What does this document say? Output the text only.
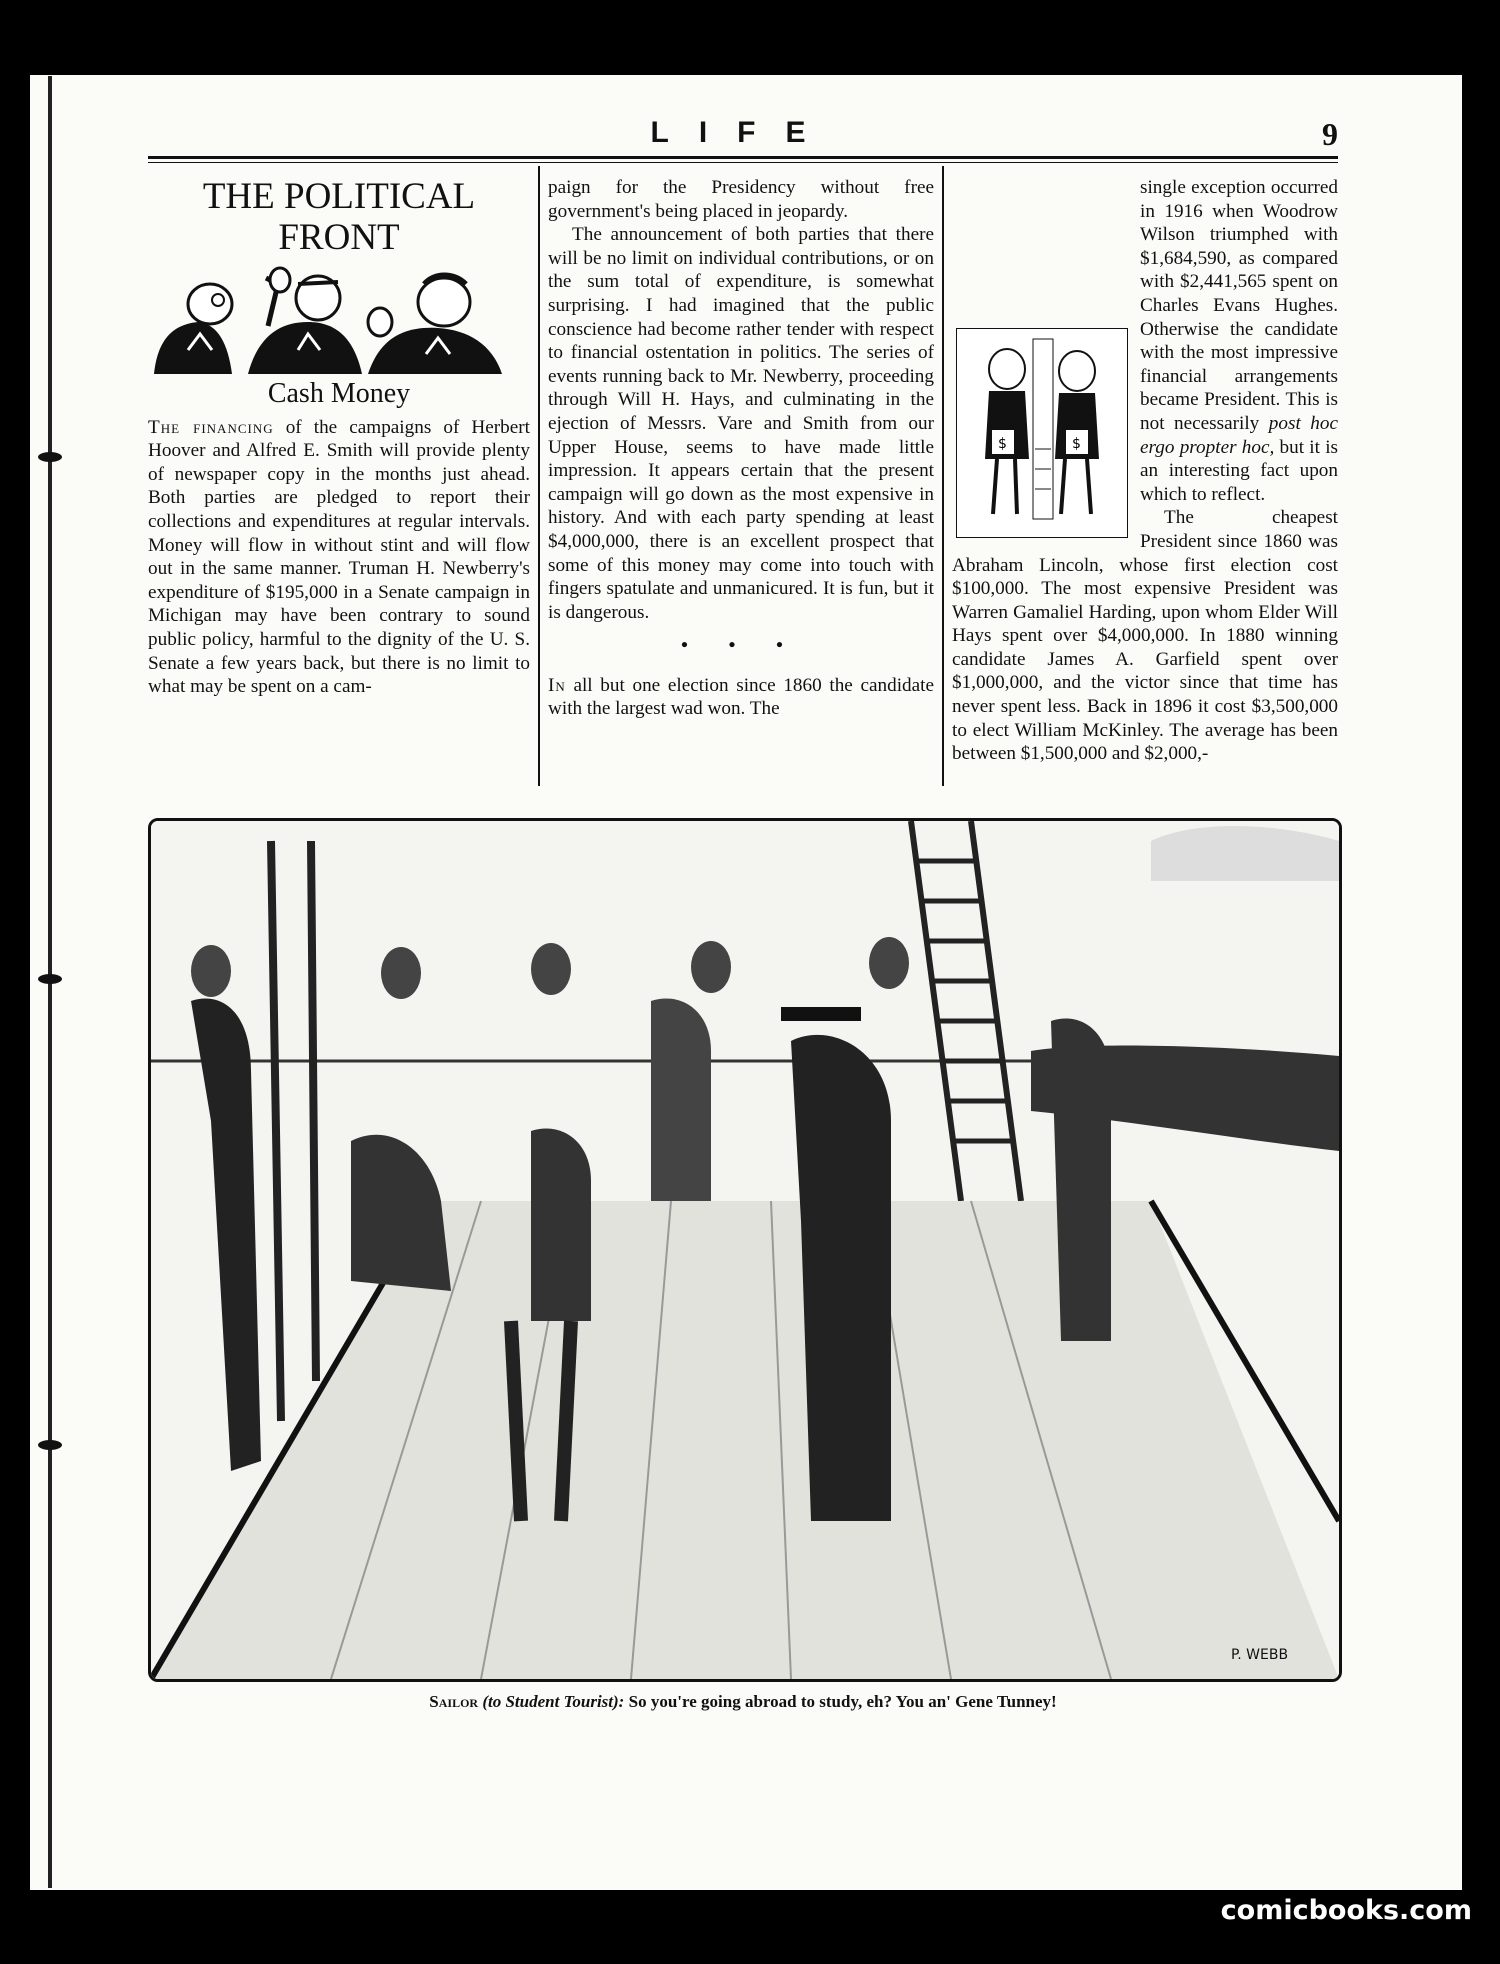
LIFE	9
THE POLITICAL
FRONT
Cash Money

The financing of the campaigns of Herbert Hoover and Alfred E. Smith will provide plenty of newspaper copy in the months just ahead. Both parties are pledged to report their collections and expenditures at regular intervals. Money will flow in without stint and will flow out in the same manner. Truman H. Newberry's expenditure of $195,000 in a Senate campaign in Michigan may have been contrary to sound public policy, harmful to the dignity of the U. S. Senate a few years back, but there is no limit to what may be spent on a cam-

paign for the Presidency without free government's being placed in jeopardy.

The announcement of both parties that there will be no limit on individual contributions, or on the sum total of expenditure, is somewhat surprising. I had imagined that the public conscience had become rather tender with respect to financial ostentation in politics. The series of events running back to Mr. Newberry, proceeding through Will H. Hays, and culminating in the ejection of Messrs. Vare and Smith from our Upper House, seems to have made little impression. It appears certain that the present campaign will go down as the most expensive in history. And with each party spending at least $4,000,000, there is an excellent prospect that some of this money may come into touch with fingers spatulate and unmanicured. It is fun, but it is dangerous.

• • •

In all but one election since 1860 the candidate with the largest wad won. The

$	$

single exception occurred in 1916 when Woodrow Wilson triumphed with $1,684,590, as compared with $2,441,565 spent on Charles Evans Hughes. Otherwise the candidate with the most impressive financial arrangements became President. This is not necessarily post hoc ergo propter hoc, but it is an interesting fact upon which to reflect.

The cheapest President since 1860 was Abraham Lincoln, whose first election cost $100,000. The most expensive President was Warren Gamaliel Harding, upon whom Elder Will Hays spent over $4,000,000. In 1880 winning candidate James A. Garfield spent over $1,000,000, and the victor since that time has never spent less. Back in 1896 it cost $3,500,000 to elect William McKinley. The average has been between $1,500,000 and $2,000,-

P. WEBB
Sailor (to Student Tourist): So you're going abroad to study, eh? You an' Gene Tunney!
comicbooks.com
